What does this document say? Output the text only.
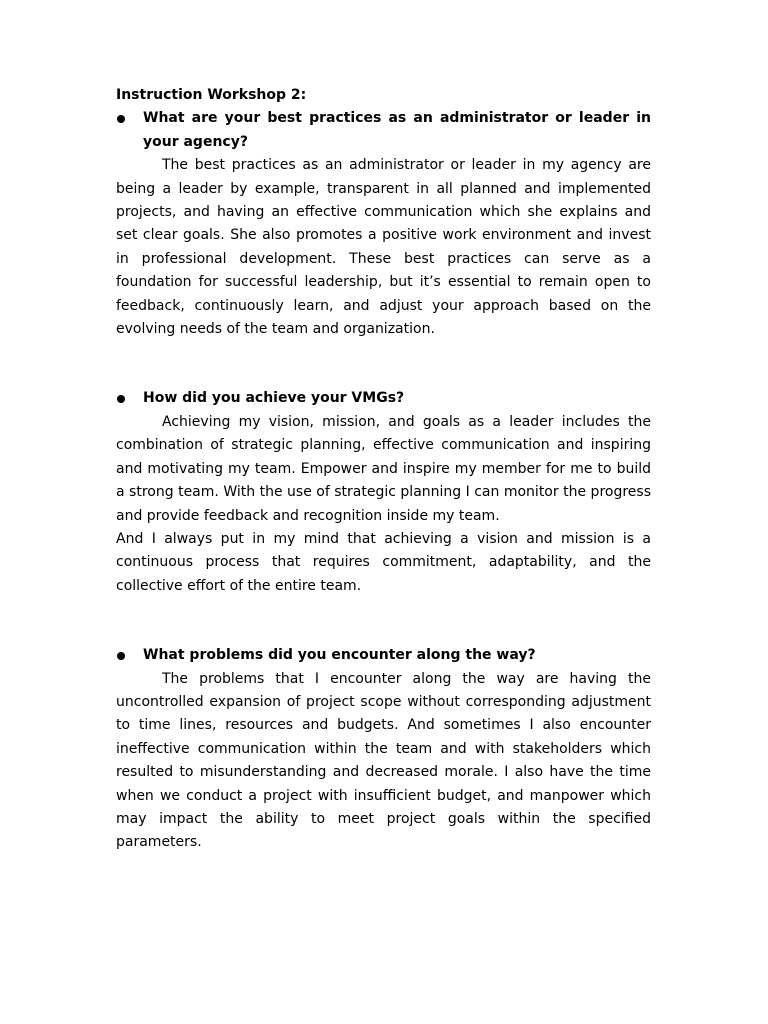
Instruction Workshop 2:

What are your best practices as an administrator or leader in your agency?

The best practices as an administrator or leader in my agency are being a leader by example, transparent in all planned and implemented projects, and having an effective communication which she explains and set clear goals. She also promotes a positive work environment and invest in professional development. These best practices can serve as a foundation for successful leadership, but it’s essential to remain open to feedback, continuously learn, and adjust your approach based on the evolving needs of the team and organization.

How did you achieve your VMGs?

Achieving my vision, mission, and goals as a leader includes the combination of strategic planning, effective communication and inspiring and motivating my team. Empower and inspire my member for me to build a strong team. With the use of strategic planning I can monitor the progress and provide feedback and recognition inside my team.

And I always put in my mind that achieving a vision and mission is a continuous process that requires commitment, adaptability, and the collective effort of the entire team.

What problems did you encounter along the way?

The problems that I encounter along the way are having the uncontrolled expansion of project scope without corresponding adjustment to time lines, resources and budgets. And sometimes I also encounter ineffective communication within the team and with stakeholders which resulted to misunderstanding and decreased morale. I also have the time when we conduct a project with insufficient budget, and manpower which may impact the ability to meet project goals within the specified parameters.
